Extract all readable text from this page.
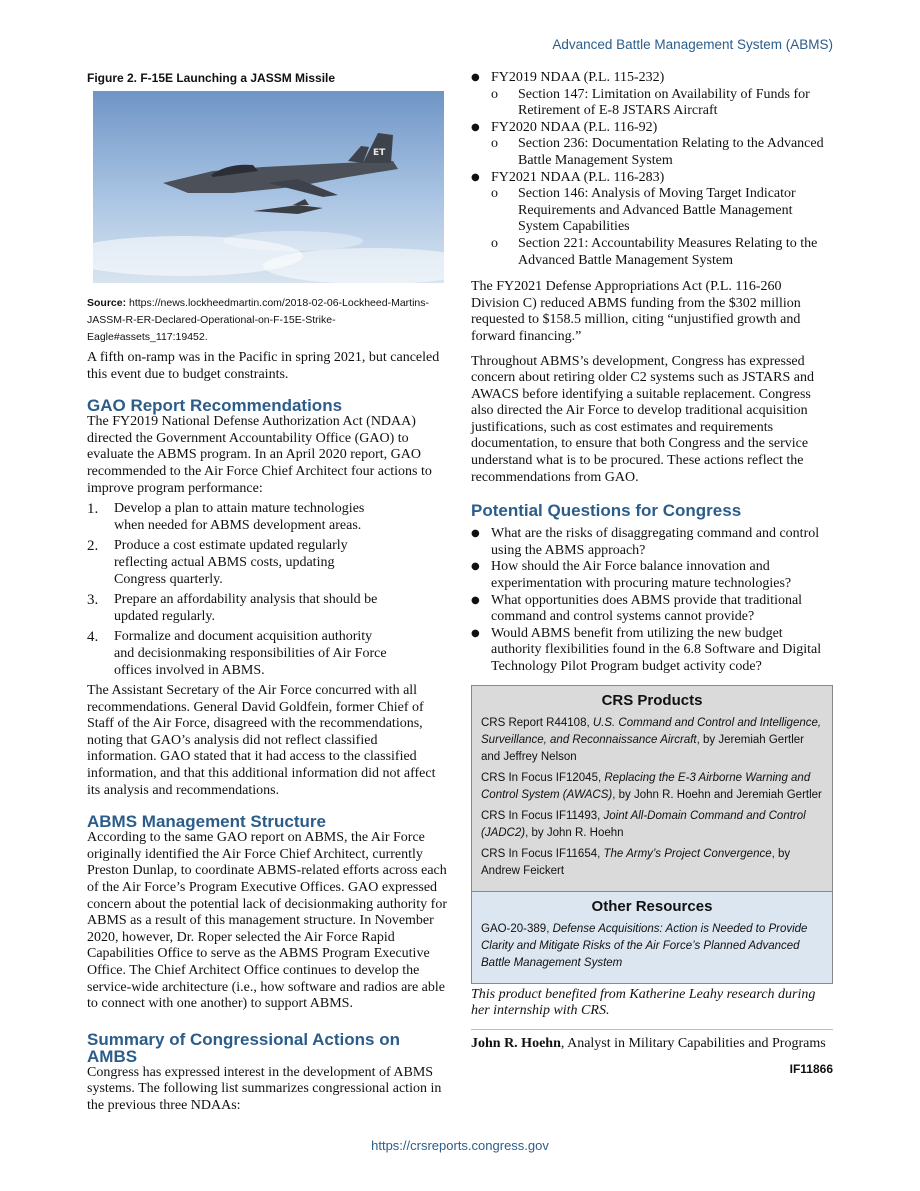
Advanced Battle Management System (ABMS)
Figure 2. F-15E Launching a JASSM Missile
ET
Source: https://news.lockheedmartin.com/2018-02-06-Lockheed-Martins-JASSM-R-ER-Declared-Operational-on-F-15E-Strike-Eagle#assets_117:19452.

A fifth on-ramp was in the Pacific in spring 2021, but canceled this event due to budget constraints.

GAO Report Recommendations

The FY2019 National Defense Authorization Act (NDAA) directed the Government Accountability Office (GAO) to evaluate the ABMS program. In an April 2020 report, GAO recommended to the Air Force Chief Architect four actions to improve program performance:

1.	Develop a plan to attain mature technologies when needed for ABMS development areas.
2.	Produce a cost estimate updated regularly reflecting actual ABMS costs, updating Congress quarterly.
3.	Prepare an affordability analysis that should be updated regularly.
4.	Formalize and document acquisition authority and decisionmaking responsibilities of Air Force offices involved in ABMS.

The Assistant Secretary of the Air Force concurred with all recommendations. General David Goldfein, former Chief of Staff of the Air Force, disagreed with the recommendations, noting that GAO’s analysis did not reflect classified information. GAO stated that it had access to the classified information, and that this additional information did not affect its analysis and recommendations.

ABMS Management Structure

According to the same GAO report on ABMS, the Air Force originally identified the Air Force Chief Architect, currently Preston Dunlap, to coordinate ABMS-related efforts across each of the Air Force’s Program Executive Offices. GAO expressed concern about the potential lack of decisionmaking authority for ABMS as a result of this management structure. In November 2020, however, Dr. Roper selected the Air Force Rapid Capabilities Office to serve as the ABMS Program Executive Office. The Chief Architect Office continues to develop the service-wide architecture (i.e., how software and radios are able to connect with one another) to support ABMS.

Summary of Congressional Actions on AMBS

Congress has expressed interest in the development of ABMS systems. The following list summarizes congressional action in the previous three NDAAs:

● FY2019 NDAA (P.L. 115-232)
o	Section 147: Limitation on Availability of Funds for Retirement of E-8 JSTARS Aircraft
● FY2020 NDAA (P.L. 116-92)
o	Section 236: Documentation Relating to the Advanced Battle Management System
● FY2021 NDAA (P.L. 116-283)
o	Section 146: Analysis of Moving Target Indicator Requirements and Advanced Battle Management System Capabilities
o	Section 221: Accountability Measures Relating to the Advanced Battle Management System

The FY2021 Defense Appropriations Act (P.L. 116-260 Division C) reduced ABMS funding from the $302 million requested to $158.5 million, citing “unjustified growth and forward financing.”

Throughout ABMS’s development, Congress has expressed concern about retiring older C2 systems such as JSTARS and AWACS before identifying a suitable replacement. Congress also directed the Air Force to develop traditional acquisition justifications, such as cost estimates and requirements documentation, to ensure that both Congress and the service understand what is to be procured. These actions reflect the recommendations from GAO.

Potential Questions for Congress
● What are the risks of disaggregating command and control using the ABMS approach?
● How should the Air Force balance innovation and experimentation with procuring mature technologies?
● What opportunities does ABMS provide that traditional command and control systems cannot provide?
● Would ABMS benefit from utilizing the new budget authority flexibilities found in the 6.8 Software and Digital Technology Pilot Program budget activity code?
CRS Products
CRS Report R44108, U.S. Command and Control and Intelligence, Surveillance, and Reconnaissance Aircraft, by Jeremiah Gertler and Jeffrey Nelson
CRS In Focus IF12045, Replacing the E-3 Airborne Warning and Control System (AWACS), by John R. Hoehn and Jeremiah Gertler
CRS In Focus IF11493, Joint All-Domain Command and Control (JADC2), by John R. Hoehn
CRS In Focus IF11654, The Army’s Project Convergence, by Andrew Feickert
Other Resources
GAO-20-389, Defense Acquisitions: Action is Needed to Provide Clarity and Mitigate Risks of the Air Force’s Planned Advanced Battle Management System

This product benefited from Katherine Leahy research during her internship with CRS.

John R. Hoehn, Analyst in Military Capabilities and Programs

IF11866
https://crsreports.congress.gov
